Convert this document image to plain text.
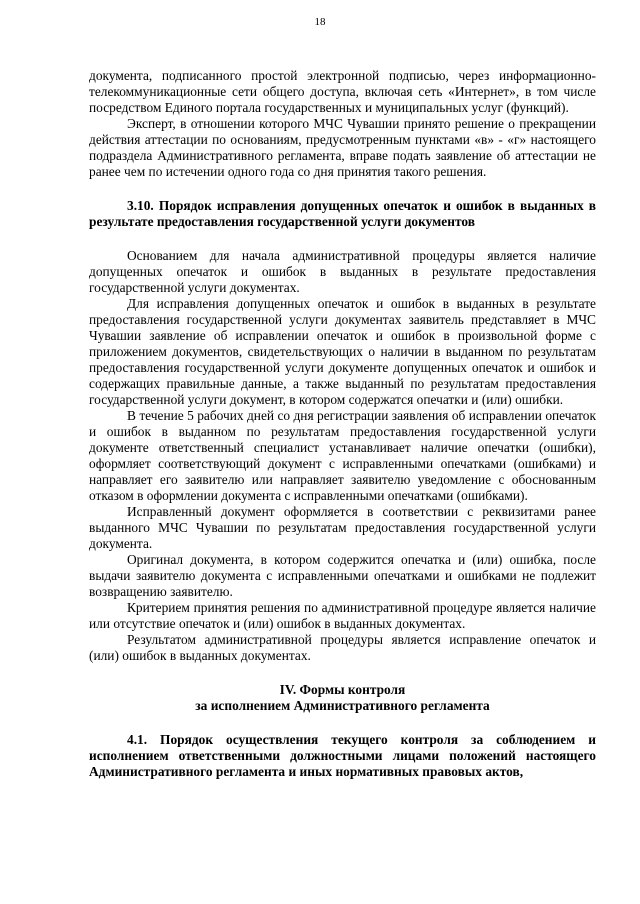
18

документа, подписанного простой электронной подписью, через информационно-телекоммуникационные сети общего доступа, включая сеть «Интернет», в том числе посредством Единого портала государственных и муниципальных услуг (функций).

Эксперт, в отношении которого МЧС Чувашии принято решение о прекращении действия аттестации по основаниям, предусмотренным пунктами «в» - «г» настоящего подраздела Административного регламента, вправе подать заявление об аттестации не ранее чем по истечении одного года со дня принятия такого решения.

3.10. Порядок исправления допущенных опечаток и ошибок в выданных в результате предоставления государственной услуги документов

Основанием для начала административной процедуры является наличие допущенных опечаток и ошибок в выданных в результате предоставления государственной услуги документах.

Для исправления допущенных опечаток и ошибок в выданных в результате предоставления государственной услуги документах заявитель представляет в МЧС Чувашии заявление об исправлении опечаток и ошибок в произвольной форме с приложением документов, свидетельствующих о наличии в выданном по результатам предоставления государственной услуги документе допущенных опечаток и ошибок и содержащих правильные данные, а также выданный по результатам предоставления государственной услуги документ, в котором содержатся опечатки и (или) ошибки.

В течение 5 рабочих дней со дня регистрации заявления об исправлении опечаток и ошибок в выданном по результатам предоставления государственной услуги документе ответственный специалист устанавливает наличие опечатки (ошибки), оформляет соответствующий документ с исправленными опечатками (ошибками) и направляет его заявителю или направляет заявителю уведомление с обоснованным отказом в оформлении документа с исправленными опечатками (ошибками).

Исправленный документ оформляется в соответствии с реквизитами ранее выданного МЧС Чувашии по результатам предоставления государственной услуги документа.

Оригинал документа, в котором содержится опечатка и (или) ошибка, после выдачи заявителю документа с исправленными опечатками и ошибками не подлежит возвращению заявителю.

Критерием принятия решения по административной процедуре является наличие или отсутствие опечаток и (или) ошибок в выданных документах.

Результатом административной процедуры является исправление опечаток и (или) ошибок в выданных документах.

IV. Формы контроля
за исполнением Административного регламента
4.1. Порядок осуществления текущего контроля за соблюдением и исполнением ответственными должностными лицами положений настоящего Административного регламента и иных нормативных правовых актов,
